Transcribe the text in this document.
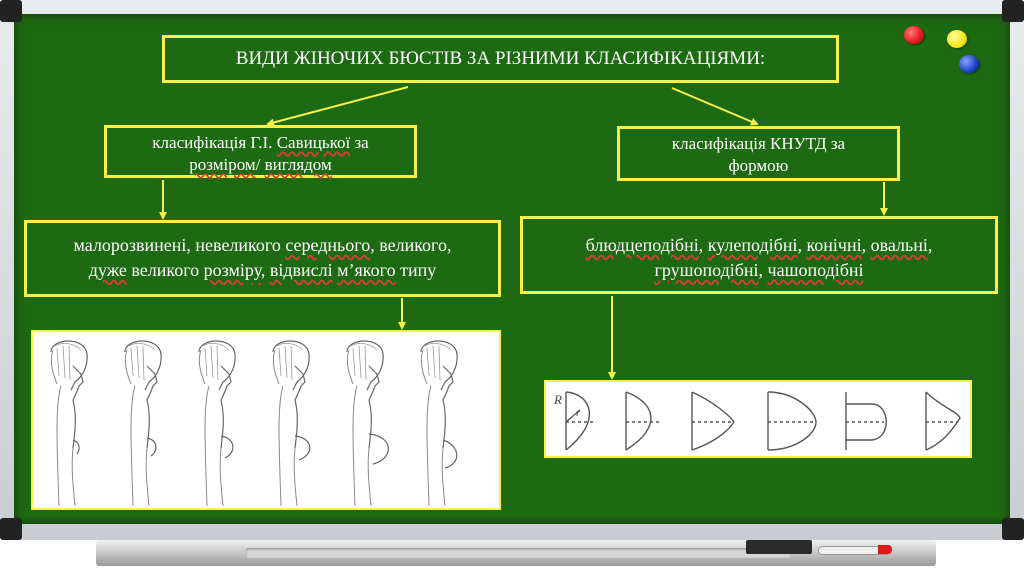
ВИДИ ЖІНОЧИХ БЮСТІВ ЗА РІЗНИМИ КЛАСИФІКАЦІЯМИ:
класифікація Г.І. Савицької за
розміром/ виглядом
класифікація КНУТД за
формою
малорозвинені, невеликого середнього, великого,
дуже великого розміру, відвислі м’якого типу
блюдцеподібні, кулеподібні, конічні, овальні,
грушоподібні, чашоподібні
R
r
